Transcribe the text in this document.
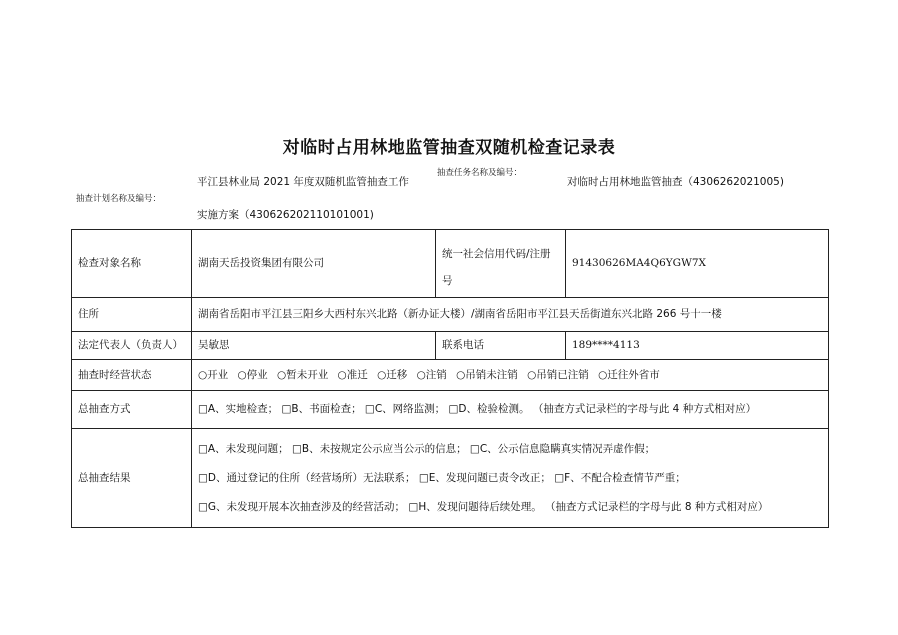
对临时占用林地监管抽查双随机检查记录表
抽查计划名称及编号：
平江县林业局 2021 年度双随机监管抽查工作
实施方案（430626202110101001)
抽查任务名称及编号：
对临时占用林地监管抽查（4306262021005)
检查对象名称	湖南天岳投资集团有限公司	统一社会信用代码/注册
号	91430626MA4Q6YGW7X
住所	湖南省岳阳市平江县三阳乡大西村东兴北路（新办证大楼）/湖南省岳阳市平江县天岳街道东兴北路 266 号十一楼		
法定代表人（负责人）	吴敏思	联系电话	189****4113
抽查时经营状态	○开业 ○停业 ○暂未开业 ○准迁 ○迁移 ○注销 ○吊销未注销 ○吊销已注销 ○迁往外省市		
总抽查方式	□A、实地检查； □B、书面检查； □C、网络监测； □D、检验检测。 （抽查方式记录栏的字母与此 4 种方式相对应）		
总抽查结果	□A、未发现问题； □B、未按规定公示应当公示的信息； □C、公示信息隐瞒真实情况弄虚作假；
□D、通过登记的住所（经营场所）无法联系； □E、发现问题已责令改正； □F、不配合检查情节严重；
□G、未发现开展本次抽查涉及的经营活动； □H、发现问题待后续处理。 （抽查方式记录栏的字母与此 8 种方式相对应）		
